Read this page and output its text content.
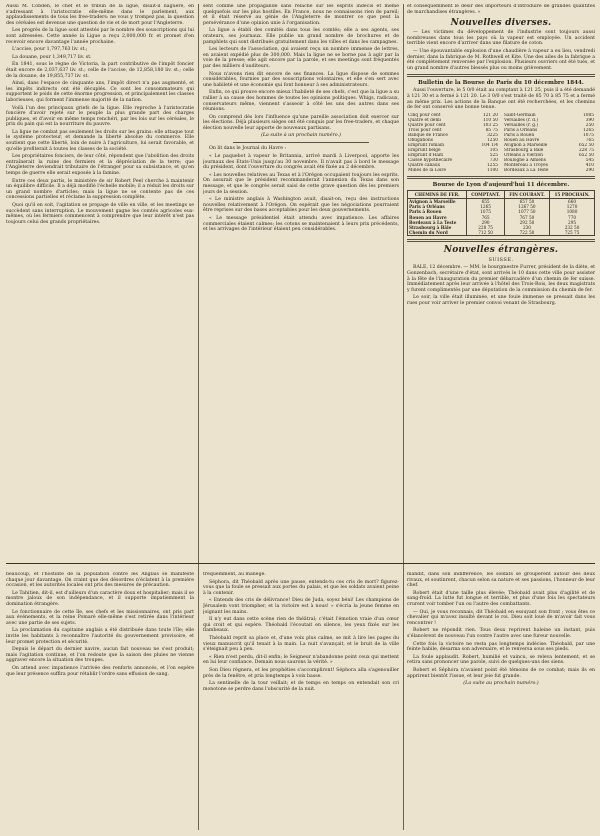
Aussi M. Cobden, le chef et le tribun de la ligue, disait-il naguère, en s'adressant à l'aristocratie elle-même dans le parlement, aux applaudissements de tous les free-traders: ne vous y trompez pas, la question des céréales est devenue une question de vie et de mort pour l'Angleterre.

Les progrès de la ligue sont attestés par le nombre des souscriptions qui lui sont adressées. Cette année la Ligue a reçu 2,000,000 fr. et promet d'en recevoir encore davantage l'année prochaine.

L'accise, pour 1,797,763 liv. st.;

La douane, pour 1,349,717 liv. st.

En 1841, sous le règne de Victoria, la part contributive de l'impôt foncier était encore de 2,037,637 liv. st.; celle de l'accise, de 12,858,180 liv. st.; celle de la douane, de 19,855,737 liv. st.

Ainsi, dans l'espace de cinquante ans, l'impôt direct n'a pas augmenté, et les impôts indirects ont été décuplés. Ce sont les consommateurs qui supportent le poids de cette énorme progression, et principalement les classes laborieuses, qui forment l'immense majorité de la nation.

Voilà l'un des principaux griefs de la ligue. Elle reproche à l'aristocratie foncière d'avoir rejeté sur le peuple la plus grande part des charges publiques, et d'avoir en même temps renchéri, par les lois sur les céréales, le prix du pain qui est la nourriture du pauvre.

La ligue ne combat pas seulement les droits sur les grains: elle attaque tout le système protecteur, et demande la liberté absolue du commerce. Elle soutient que cette liberté, loin de nuire à l'agriculture, lui serait favorable, et qu'elle profiterait à toutes les classes de la société.

Les propriétaires fonciers, de leur côté, répondent que l'abolition des droits entraînerait la ruine des fermiers et la dépréciation de la terre; que l'Angleterre deviendrait tributaire de l'étranger pour sa subsistance, et qu'en temps de guerre elle serait exposée à la famine.

Entre ces deux partis, le ministère de sir Robert Peel cherche à maintenir un équilibre difficile. Il a déjà modifié l'échelle mobile; il a réduit les droits sur un grand nombre d'articles; mais la ligue ne se contente pas de ces concessions partielles et réclame la suppression complète.

Quoi qu'il en soit, l'agitation se propage de ville en ville, et les meetings se succèdent sans interruption. Le mouvement gagne les comtés agricoles eux-mêmes, où les fermiers commencent à comprendre que leur intérêt n'est pas toujours celui des grands propriétaires.

sent comme une propagande sans relâche sur les esprits indécis et même quelquefois sur les plus hostiles. En France, nous ne connaissons rien de pareil; et il était réservé au génie de l'Angleterre de montrer ce que peut la persévérance d'une opinion unie à l'organisation.

La ligue a établi des comités dans tous les comtés; elle a ses agents, ses orateurs, ses journaux. Elle publie un grand nombre de brochures et de pamphlets qui sont distribués gratuitement dans les villes et dans les campagnes.

Les lecteurs de l'association, qui avaient reçu un nombre immense de lettres, en avaient expédié plus de 300,000. Mais la ligue ne se borne pas à agir par la voie de la presse; elle agit encore par la parole, et ses meetings sont fréquentés par des milliers d'auditeurs.

Nous n'avons rien dit encore de ses finances. La ligue dispose de sommes considérables, fournies par des souscriptions volontaires, et elle s'en sert avec une habileté et une économie qui font honneur à ses administrateurs.

Enfin, ce qui prouve encore mieux l'habileté de ses chefs, c'est que la ligue a su rallier à sa cause des hommes de toutes les opinions politiques. Whigs, radicaux, conservateurs même, viennent s'asseoir à côté les uns des autres dans ses réunions.

On comprend dès lors l'influence qu'une pareille association doit exercer sur les élections. Déjà plusieurs sièges ont été conquis par les free-traders, et chaque élection nouvelle leur apporte de nouveaux partisans.

(La suite à un prochain numéro.)

On lit dans le Journal du Havre :

« Le paquebot à vapeur le Britannia, arrivé mardi à Liverpool, apporte les journaux des Etats-Unis jusqu'au 30 novembre. Il n'avait pas à bord le message du président, dont l'ouverture du congrès avait été fixée au 2 décembre.

« Les nouvelles relatives au Texas et à l'Orégon occupaient toujours les esprits. On assurait que le président recommanderait l'annexion du Texas dans son message, et que le congrès serait saisi de cette grave question dès les premiers jours de la session.

« Le ministre anglais à Washington avait, disait-on, reçu des instructions nouvelles relativement à l'Orégon. On espérait que les négociations pourraient être reprises sur des bases acceptables pour les deux gouvernements.

« Le message présidentiel était attendu avec impatience. Les affaires commerciales étaient calmes; les cotons se maintenaient à leurs prix précédents, et les arrivages de l'intérieur étaient peu considérables.

et conséquemment le désir des importeurs d'introduire de grandes quantités de marchandises étrangères. »

Nouvelles diverses.

— Les victimes du développement de l'industrie sont toujours aussi nombreuses dans tous les pays où la vapeur est employée. Un accident terrible vient encore d'arriver dans une filature de coton.

— Une épouvantable explosion d'une chaudière à vapeur a eu lieu, vendredi dernier, dans la fabrique de M. Rothwell et Kite. Une des ailes de la fabrique a été complètement renversée par l'explosion. Plusieurs ouvriers ont été tués, et un grand nombre d'autres blessés plus ou moins grièvement.

Bulletin de la Bourse de Paris du 10 décembre 1844.

Aussi l'ouverture, le 5 0/0 était au comptant à 121 25, puis il a été demandé à 121 30 et a fermé à 121 20. Le 3 0/0 s'est traité de 85 70 à 85 75 et a fermé au même prix. Les actions de la Banque ont été recherchées, et les chemins de fer ont conservé une bonne tenue.

Cinq pour cent	121 20
Quatre et demi	110 50
Quatre pour cent	103 25
Trois pour cent	85 75
Banque de France	3225
Obligations	1250
Emprunt romain	104 1/4
Emprunt belge	105
Emprunt d'Haïti	525
Caisse hypothécaire	730
Quatre canaux	1255
Mines de la Loire	1100
Saint-Germain	1085
Versailles (r. d.)	390
Versailles (r. g.)	250
Paris à Orléans	1265
Paris à Rouen	1075
Rouen au Havre	765
Avignon à Marseille	652 50
Strasbourg à Bâle	228 75
Orléans à Vierzon	652 50
Boulogne à Amiens	545
Montereau à Troyes	410
Bordeaux à La Teste	290
Bourse de Lyon d'aujourd'hui 11 décembre.
CHEMINS DE FER.	COMPTANT.	FIN COURANT.	15 PROCHAIN.
Avignon à Marseille	655	657 50	660
Paris à Orléans	1265	1267 50	1270
Paris à Rouen	1075	1077 50	1080
Rouen au Havre	765	767 50	770
Bordeaux à La Teste	290	292 50	295
Strasbourg à Bâle	228 75	230	232 50
Chemin du Nord	712 50	722 50	725 75
Nouvelles étrangères.
SUISSE.

BALE, 12 décembre. — MM. le bourgmestre Furrer, président de la diète, et Gonzenbach, secrétaire d'état, sont arrivés le 10 dans cette ville pour assister à la fête de l'inauguration du premier débarcadère d'un chemin de fer suisse. Immédiatement après leur arrivée à l'hôtel des Trois-Rois, les deux magistrats y furent complimentés par une députation de la commission du chemin de fer.

Le soir, la ville était illuminée, et une foule immense se pressait dans les rues pour voir arriver le premier convoi venant de Strasbourg.

beaucoup, et l'hostilité de la population contre les Anglais se manifeste chaque jour davantage. On craint que des désordres n'éclatent à la première occasion, et les autorités locales ont pris des mesures de précaution.

Le Tahitien, dit-il, est d'ailleurs d'un caractère doux et hospitalier; mais il se montre jaloux de son indépendance, et il supporte impatiemment la domination étrangère.

Le fonctionnaire de cette île, ses chefs et les missionnaires, ont pris part aux événements, et la reine Pomaré elle-même s'est retirée dans l'intérieur avec une partie de ses sujets.

La proclamation du capitaine anglais a été distribuée dans toute l'île; elle invite les habitants à reconnaître l'autorité du gouvernement provisoire, et leur promet protection et sécurité.

Depuis le départ du dernier navire, aucun fait nouveau ne s'est produit; mais l'agitation continue, et l'on redoute que la saison des pluies ne vienne aggraver encore la situation des troupes.

On attend avec impatience l'arrivée des renforts annoncés, et l'on espère que leur présence suffira pour rétablir l'ordre sans effusion de sang.

tréquemment, au manège.

Séphora, dit Théobald après une pause, entends-tu ces cris de mort? figurez-vous que la foule se pressait aux portes du palais, et que les soldats avaient peine à la contenir.

« Entends des cris de délivrance! Dieu de Juda, soyez béni! Les champions de Jérusalem vont triompher, et la victoire est à nous! » s'écria la jeune femme en joignant les mains.

Il n'y eut dans cette scène rien de théâtral; c'était l'émotion vraie d'un cœur qui croit et qui espère. Théobald l'écoutait en silence, les yeux fixés sur les flambeaux.

Théobald reprit sa place et, d'une voix plus calme, se mit à lire les pages du vieux manuscrit qu'il tenait à la main. La nuit s'avançait, et le bruit de la ville s'éteignait peu à peu.

« Rien n'est perdu, dit-il enfin; le Seigneur n'abandonne point ceux qui mettent en lui leur confiance. Demain nous saurons la vérité. »

Son Dieu règnera, et les prophéties s'accompliront! Séphora alla s'agenouiller près de la fenêtre, et pria longtemps à voix basse.

La sentinelle de la tour veillait; et de temps en temps on entendait son cri monotone se perdre dans l'obscurité de la nuit.

mandit, dans son indifférence, les soldats se groupèrent autour des deux rivaux, et soutinrent, chacun selon sa nature et ses passions, l'honneur de leur chef.

Robert était d'une taille plus élevée; Théobald avait plus d'agilité et de sang-froid. La lutte fut longue et terrible, et plus d'une fois les spectateurs crurent voir tomber l'un ou l'autre des combattants.

— Oui, je vous reconnais, dit Théobald en essuyant son front ; vous êtes ce chevalier qui m'avez insulté devant le roi. Dieu soit loué de m'avoir fait vous rencontrer !

Robert ne répondit rien. Tous deux reprirent haleine un instant, puis s'élancèrent de nouveau l'un contre l'autre avec une fureur nouvelle.

Cette fois la victoire ne resta pas longtemps indécise. Théobald, par une feinte habile, désarma son adversaire, et le renversa sous ses pieds.

La foule applaudit. Robert, humilié et vaincu, se releva lentement, et se retira sans prononcer une parole, suivi de quelques-uns des siens.

Robert et Séphora n'avaient point été témoins de ce combat; mais ils en apprirent bientôt l'issue, et leur joie fut grande.

(La suite au prochain numéro.)
